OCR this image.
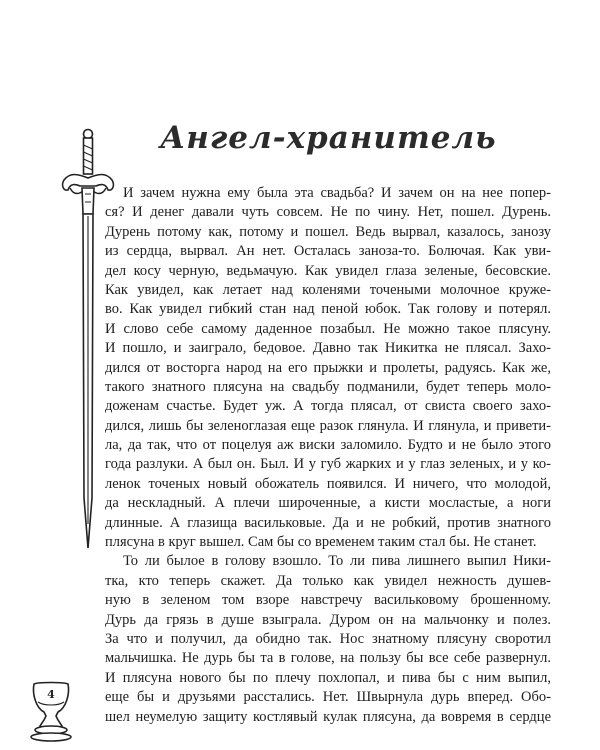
Ангел-хранитель
И зачем нужна ему была эта свадьба? И зачем он на нее попер-
ся? И денег давали чуть совсем. Не по чину. Нет, пошел. Дурень.
Дурень потому как, потому и пошел. Ведь вырвал, казалось, занозу
из сердца, вырвал. Ан нет. Осталась заноза-то. Болючая. Как уви-
дел косу черную, ведьмачую. Как увидел глаза зеленые, бесовские.
Как увидел, как летает над коленями точеными молочное круже-
во. Как увидел гибкий стан над пеной юбок. Так голову и потерял.
И слово себе самому даденное позабыл. Не можно такое плясуну.
И пошло, и заиграло, бедовое. Давно так Никитка не плясал. Захо-
дился от восторга народ на его прыжки и пролеты, радуясь. Как же,
такого знатного плясуна на свадьбу подманили, будет теперь моло-
доженам счастье. Будет уж. А тогда плясал, от свиста своего захо-
дился, лишь бы зеленоглазая еще разок глянула. И глянула, и привети-
ла, да так, что от поцелуя аж виски заломило. Будто и не было этого
года разлуки. А был он. Был. И у губ жарких и у глаз зеленых, и у ко-
ленок точеных новый обожатель появился. И ничего, что молодой,
да нескладный. А плечи широченные, а кисти мосластые, а ноги
длинные. А глазища васильковые. Да и не робкий, против знатного
плясуна в круг вышел. Сам бы со временем таким стал бы. Не станет.
То ли былое в голову взошло. То ли пива лишнего выпил Ники-
тка, кто теперь скажет. Да только как увидел нежность душев-
ную в зеленом том взоре навстречу васильковому брошенному.
Дурь да грязь в душе взыграла. Дуром он на мальчонку и полез.
За что и получил, да обидно так. Нос знатному плясуну своротил
мальчишка. Не дурь бы та в голове, на пользу бы все себе развернул.
И плясуна нового бы по плечу похлопал, и пива бы с ним выпил,
еще бы и друзьями расстались. Нет. Швырнула дурь вперед. Обо-
шел неумелую защиту костлявый кулак плясуна, да вовремя в сердце
4
